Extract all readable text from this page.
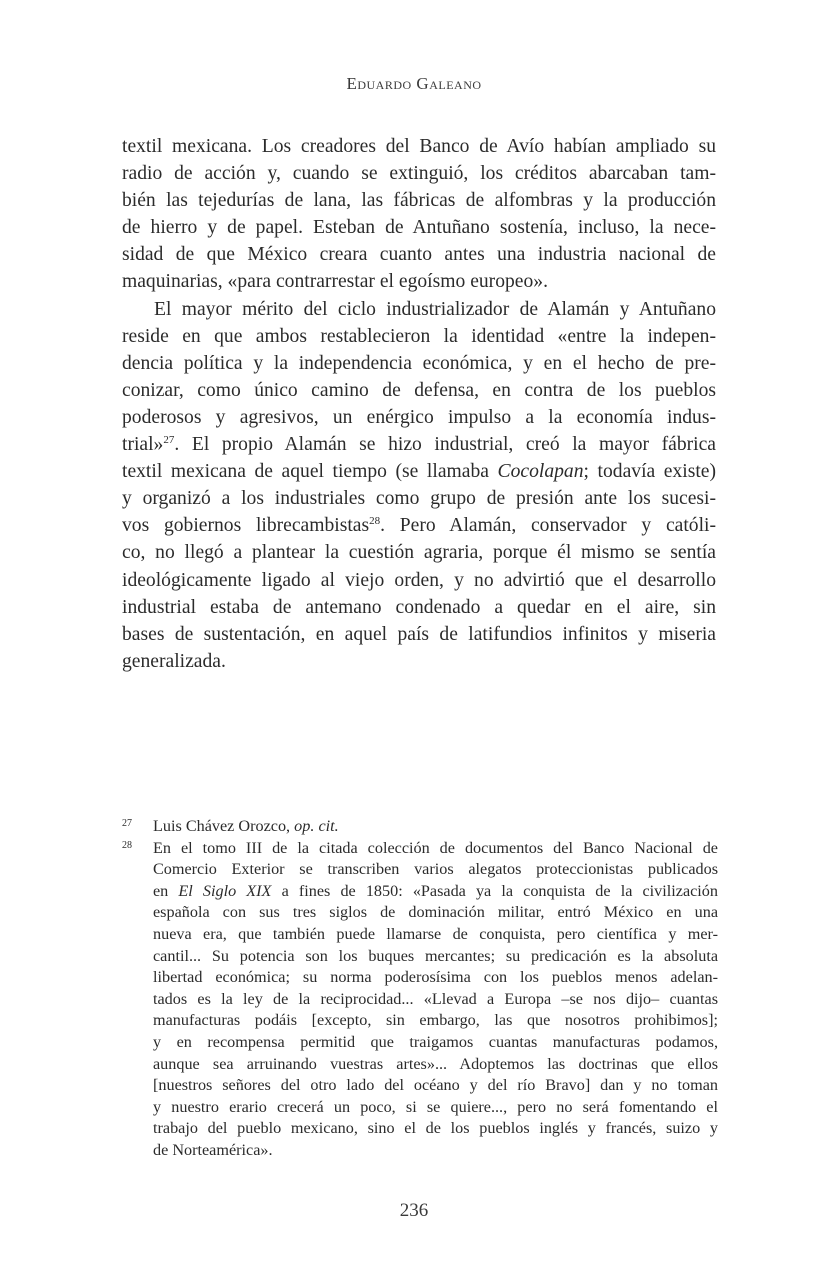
Eduardo Galeano
textil mexicana. Los creadores del Banco de Avío habían ampliado su
radio de acción y, cuando se extinguió, los créditos abarcaban tam-
bién las tejedurías de lana, las fábricas de alfombras y la producción
de hierro y de papel. Esteban de Antuñano sostenía, incluso, la nece-
sidad de que México creara cuanto antes una industria nacional de
maquinarias, «para contrarrestar el egoísmo europeo».
El mayor mérito del ciclo industrializador de Alamán y Antuñano
reside en que ambos restablecieron la identidad «entre la indepen-
dencia política y la independencia económica, y en el hecho de pre-
conizar, como único camino de defensa, en contra de los pueblos
poderosos y agresivos, un enérgico impulso a la economía indus-
trial»$^{27}$. El propio Alamán se hizo industrial, creó la mayor fábrica
textil mexicana de aquel tiempo (se llamaba Cocolapan; todavía existe)
y organizó a los industriales como grupo de presión ante los sucesi-
vos gobiernos librecambistas$^{28}$. Pero Alamán, conservador y católi-
co, no llegó a plantear la cuestión agraria, porque él mismo se sentía
ideológicamente ligado al viejo orden, y no advirtió que el desarrollo
industrial estaba de antemano condenado a quedar en el aire, sin
bases de sustentación, en aquel país de latifundios infinitos y miseria
generalizada.
27 Luis Chávez Orozco, op. cit.
28 En el tomo III de la citada colección de documentos del Banco Nacional de
Comercio Exterior se transcriben varios alegatos proteccionistas publicados
en El Siglo XIX a fines de 1850: «Pasada ya la conquista de la civilización
española con sus tres siglos de dominación militar, entró México en una
nueva era, que también puede llamarse de conquista, pero científica y mer-
cantil... Su potencia son los buques mercantes; su predicación es la absoluta
libertad económica; su norma poderosísima con los pueblos menos adelan-
tados es la ley de la reciprocidad... «Llevad a Europa –se nos dijo– cuantas
manufacturas podáis [excepto, sin embargo, las que nosotros prohibimos];
y en recompensa permitid que traigamos cuantas manufacturas podamos,
aunque sea arruinando vuestras artes»... Adoptemos las doctrinas que ellos
[nuestros señores del otro lado del océano y del río Bravo] dan y no toman
y nuestro erario crecerá un poco, si se quiere..., pero no será fomentando el
trabajo del pueblo mexicano, sino el de los pueblos inglés y francés, suizo y
de Norteamérica».
236
